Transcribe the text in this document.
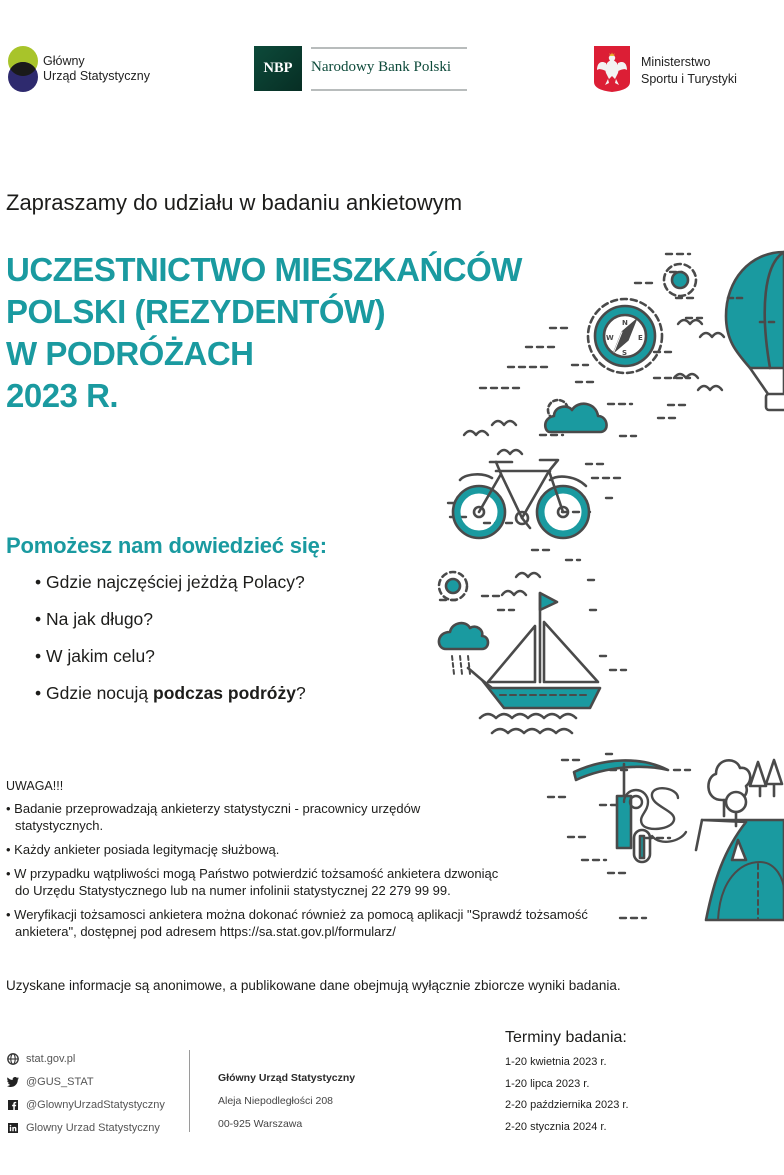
Główny
Urząd Statystyczny	NBP	Narodowy Bank Polski	Ministerstwo
Sportu i Turystyki
Zapraszamy do udziału w badaniu ankietowym
UCZESTNICTWO MIESZKAŃCÓW
POLSKI (REZYDENTÓW)
W PODRÓŻACH
2023 R.
Pomożesz nam dowiedzieć się:
• Gdzie najczęściej jeżdżą Polacy?
• Na jak długo?
• W jakim celu?
• Gdzie nocują podczas podróży?
UWAGA!!!
• Badanie przeprowadzają ankieterzy statystyczni - pracownicy urzędów
statystycznych.
• Każdy ankieter posiada legitymację służbową.
• W przypadku wątpliwości mogą Państwo potwierdzić tożsamość ankietera dzwoniąc
do Urzędu Statystycznego lub na numer infolinii statystycznej 22 279 99 99.
• Weryfikacji tożsamosci ankietera można dokonać również za pomocą aplikacji "Sprawdź tożsamość
ankietera", dostępnej pod adresem https://sa.stat.gov.pl/formularz/
Uzyskane informacje są anonimowe, a publikowane dane obejmują wyłącznie zbiorcze wyniki badania.
stat.gov.pl
@GUS_STAT
@GlownyUrzadStatystyczny
Glowny Urzad Statystyczny
Główny Urząd Statystyczny
Aleja Niepodległości 208
00-925 Warszawa
Terminy badania:
1-20 kwietnia 2023 r.
1-20 lipca 2023 r.
2-20 października 2023 r.
2-20 stycznia 2024 r.
N
W	E
S
